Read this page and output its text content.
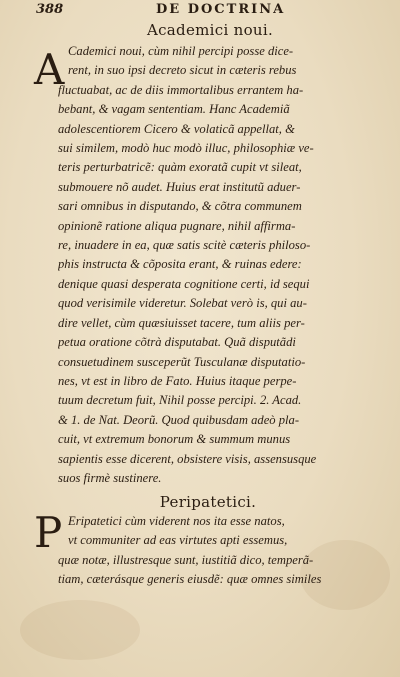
388	DE DOCTRINA
Academici noui.
A Cademici noui, cùm nihil percipi posse dice-
rent, in suo ipsi decreto sicut in cæteris rebus
fluctuabat, ac de diis immortalibus errantem ha-
bebant, & vagam sententiam. Hanc Academiã
adolescentiorem Cicero & volaticã appellat, &
sui similem, modò huc modò illuc, philosophiæ ve-
teris perturbatricẽ: quàm exoratã cupit vt sileat,
submouere nõ audet. Huius erat institutũ aduer-
sari omnibus in disputando, & cõtra communem
opinionẽ ratione aliqua pugnare, nihil affirma-
re, inuadere in ea, quæ satis scitè cæteris philoso-
phis instructa & cõposita erant, & ruinas edere:
denique quasi desperata cognitione certi, id sequi
quod verisimile videretur. Solebat verò is, qui au-
dire vellet, cùm quæsiuisset tacere, tum aliis per-
petua oratione cõtrà disputabat. Quã disputãdi
consuetudinem susceperũt Tusculanæ disputatio-
nes, vt est in libro de Fato. Huius itaque perpe-
tuum decretum fuit, Nihil posse percipi. 2. Acad.
& 1. de Nat. Deorũ. Quod quibusdam adeò pla-
cuit, vt extremum bonorum & summum munus
sapientis esse dicerent, obsistere visis, assensusque
suos firmè sustinere.
Peripatetici.
P Eripatetici cùm viderent nos ita esse natos,
vt communiter ad eas virtutes apti essemus,
quæ notæ, illustresque sunt, iustitiã dico, temperã-
tiam, cæterásque generis eiusdẽ: quæ omnes similes
